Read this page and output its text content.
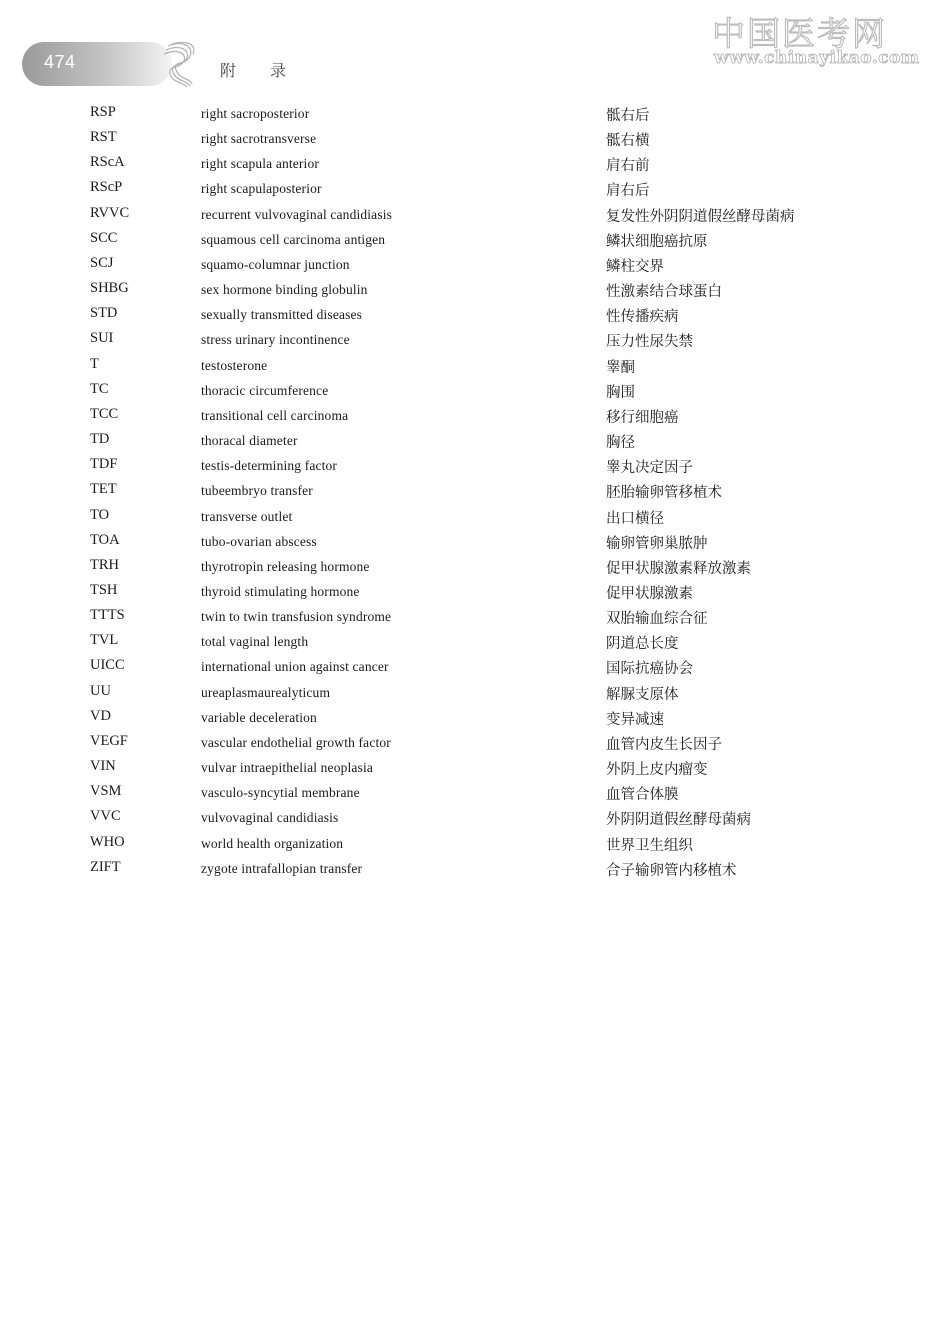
474	附录
中国医考网
www.chinayikao.com
RSP	right sacroposterior	骶右后
RST	right sacrotransverse	骶右横
RScA	right scapula anterior	肩右前
RScP	right scapulaposterior	肩右后
RVVC	recurrent vulvovaginal candidiasis	复发性外阴阴道假丝酵母菌病
SCC	squamous cell carcinoma antigen	鳞状细胞癌抗原
SCJ	squamo-columnar junction	鳞柱交界
SHBG	sex hormone binding globulin	性激素结合球蛋白
STD	sexually transmitted diseases	性传播疾病
SUI	stress urinary incontinence	压力性尿失禁
T	testosterone	睾酮
TC	thoracic circumference	胸围
TCC	transitional cell carcinoma	移行细胞癌
TD	thoracal diameter	胸径
TDF	testis-determining factor	睾丸决定因子
TET	tubeembryo transfer	胚胎输卵管移植术
TO	transverse outlet	出口横径
TOA	tubo-ovarian abscess	输卵管卵巢脓肿
TRH	thyrotropin releasing hormone	促甲状腺激素释放激素
TSH	thyroid stimulating hormone	促甲状腺激素
TTTS	twin to twin transfusion syndrome	双胎输血综合征
TVL	total vaginal length	阴道总长度
UICC	international union against cancer	国际抗癌协会
UU	ureaplasmaurealyticum	解脲支原体
VD	variable deceleration	变异减速
VEGF	vascular endothelial growth factor	血管内皮生长因子
VIN	vulvar intraepithelial neoplasia	外阴上皮内瘤变
VSM	vasculo-syncytial membrane	血管合体膜
VVC	vulvovaginal candidiasis	外阴阴道假丝酵母菌病
WHO	world health organization	世界卫生组织
ZIFT	zygote intrafallopian transfer	合子输卵管内移植术
